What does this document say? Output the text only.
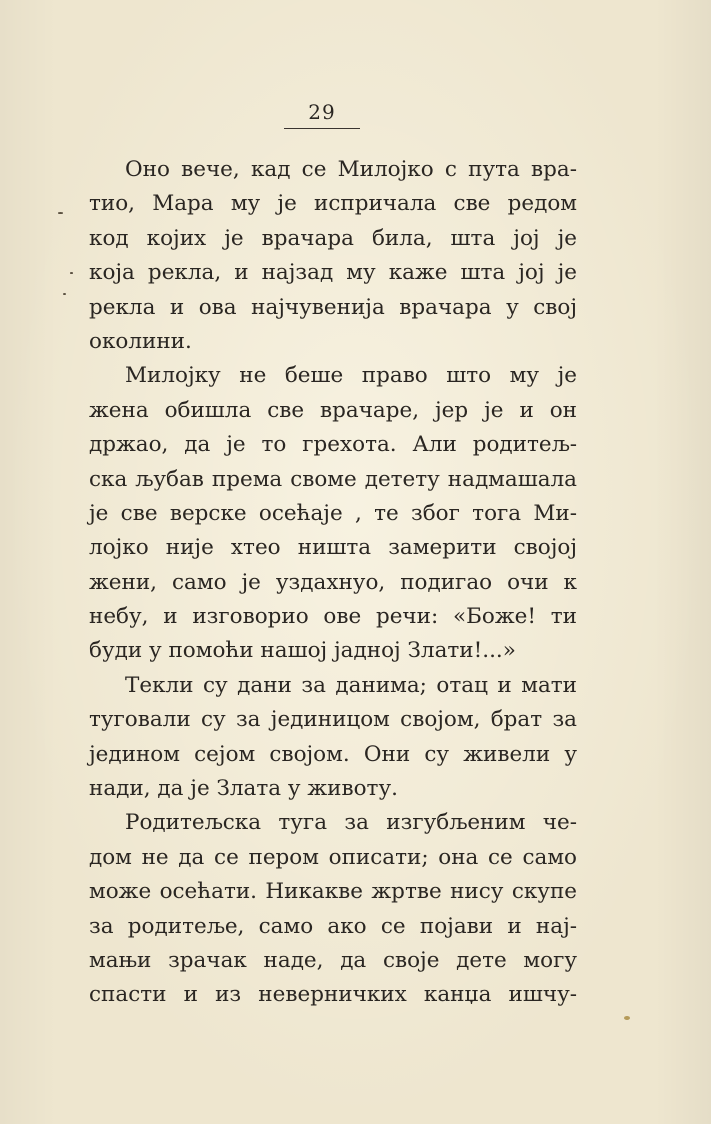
29
Оно вече, кад се Милојко с пута вра-
тио, Мара му је испричала све редом
код којих је врачара била, шта јој је
која рекла, и најзад му каже шта јој је
рекла и ова најчувенија врачара у свој
околини.
Милојку не беше право што му је
жена обишла све врачаре, јер је и он
држао, да је то грехота. Али родитељ-
ска љубав према своме детету надмашала
је све верске осећаје , те због тога Ми-
лојко није хтео ништа замерити својој
жени, само је уздахнуо, подигао очи к
небу, и изговорио ове речи: «Боже! ти
буди у помоћи нашој јадној Злати!...»
Текли су дани за данима; отац и мати
туговали су за јединицом својом, брат за
једином сејом својом. Они су живели у
нади, да је Злата у животу.
Родитељска туга за изгубљеним че-
дом не да се пером описати; она се само
може осећати. Никакве жртве нису скупе
за родитеље, само ако се појави и нај-
мањи зрачак наде, да своје дете могу
спасти и из неверничких канџа ишчу-
